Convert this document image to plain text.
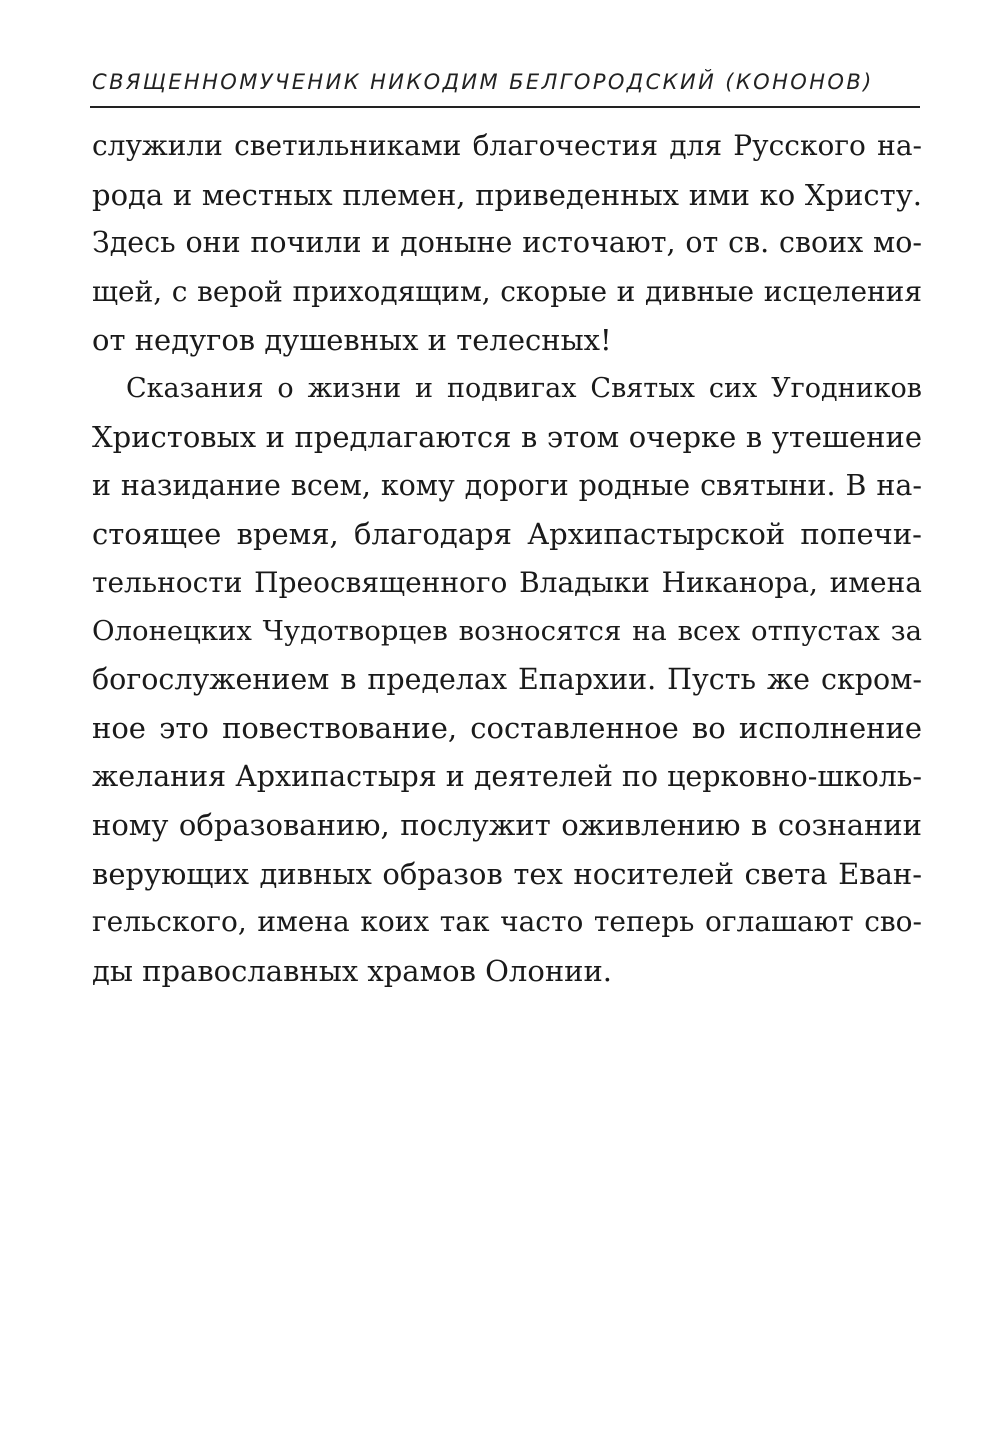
СВЯЩЕННОМУЧЕНИК НИКОДИМ БЕЛГОРОДСКИЙ (КОНОНОВ)
служили светильниками благочестия для Русского на-
рода и местных племен, приведенных ими ко Христу.
Здесь они почили и доныне источают, от св. своих мо-
щей, с верой приходящим, скорые и дивные исцеления
от недугов душевных и телесных!
Сказания о жизни и подвигах Святых сих Угодников
Христовых и предлагаются в этом очерке в утешение
и назидание всем, кому дороги родные святыни. В на-
стоящее время, благодаря Архипастырской попечи-
тельности Преосвященного Владыки Никанора, имена
Олонецких Чудотворцев возносятся на всех отпустах за
богослужением в пределах Епархии. Пусть же скром-
ное это повествование, составленное во исполнение
желания Архипастыря и деятелей по церковно-школь-
ному образованию, послужит оживлению в сознании
верующих дивных образов тех носителей света Еван-
гельского, имена коих так часто теперь оглашают сво-
ды православных храмов Олонии.
